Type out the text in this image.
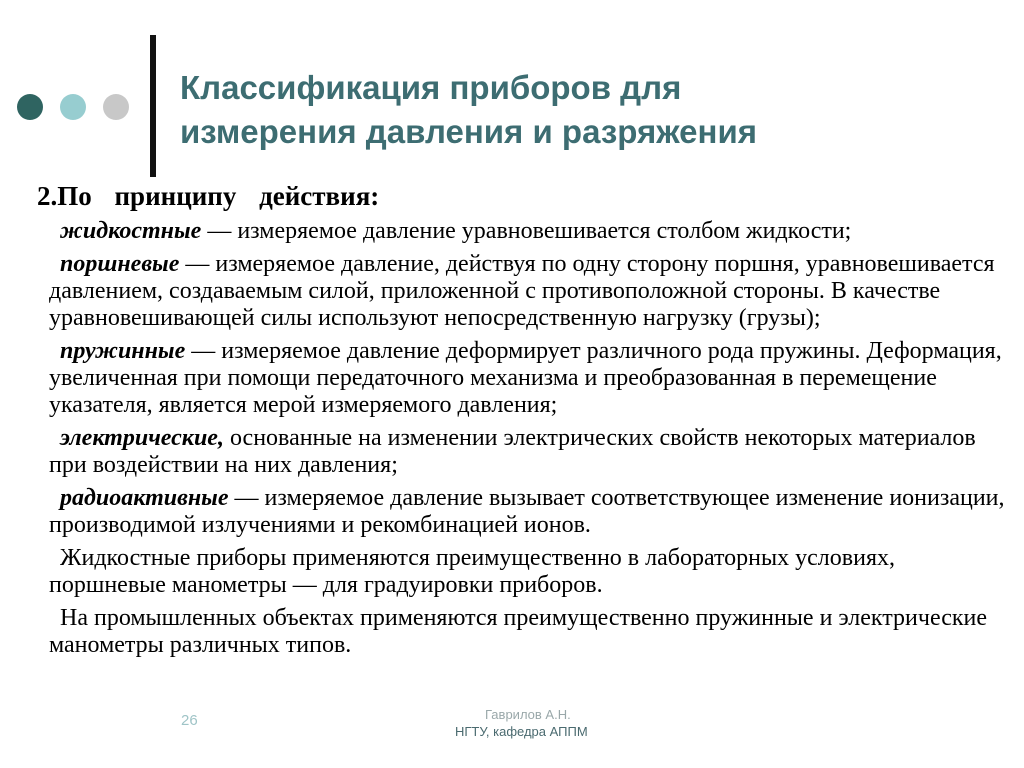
Классификация приборов для
измерения давления и разряжения

2.По принципу действия:

жидкостные — измеряемое давление уравновешивается столбом жидкости;

поршневые — измеряемое давление, действуя по одну сторону поршня, уравновешивается давлением, создаваемым силой, приложенной с противоположной стороны. В качестве уравновешивающей силы используют непосредственную нагрузку (грузы);

пружинные — измеряемое давление деформирует различного рода пружины. Деформация, увеличенная при помощи передаточного механизма и преобразованная в перемещение указателя, является мерой измеряемого давления;

электрические, основанные на изменении электрических свойств некоторых материалов при воздействии на них давления;

радиоактивные — измеряемое давление вызывает соответствующее изменение ионизации, производимой излучениями и рекомбинацией ионов.

Жидкостные приборы применяются преимущественно в лабораторных условиях, поршневые манометры — для градуировки приборов.

На промышленных объектах применяются преимущественно пружинные и электрические манометры различных типов.

26	Гаврилов А.Н.
НГТУ, кафедра АППМ
